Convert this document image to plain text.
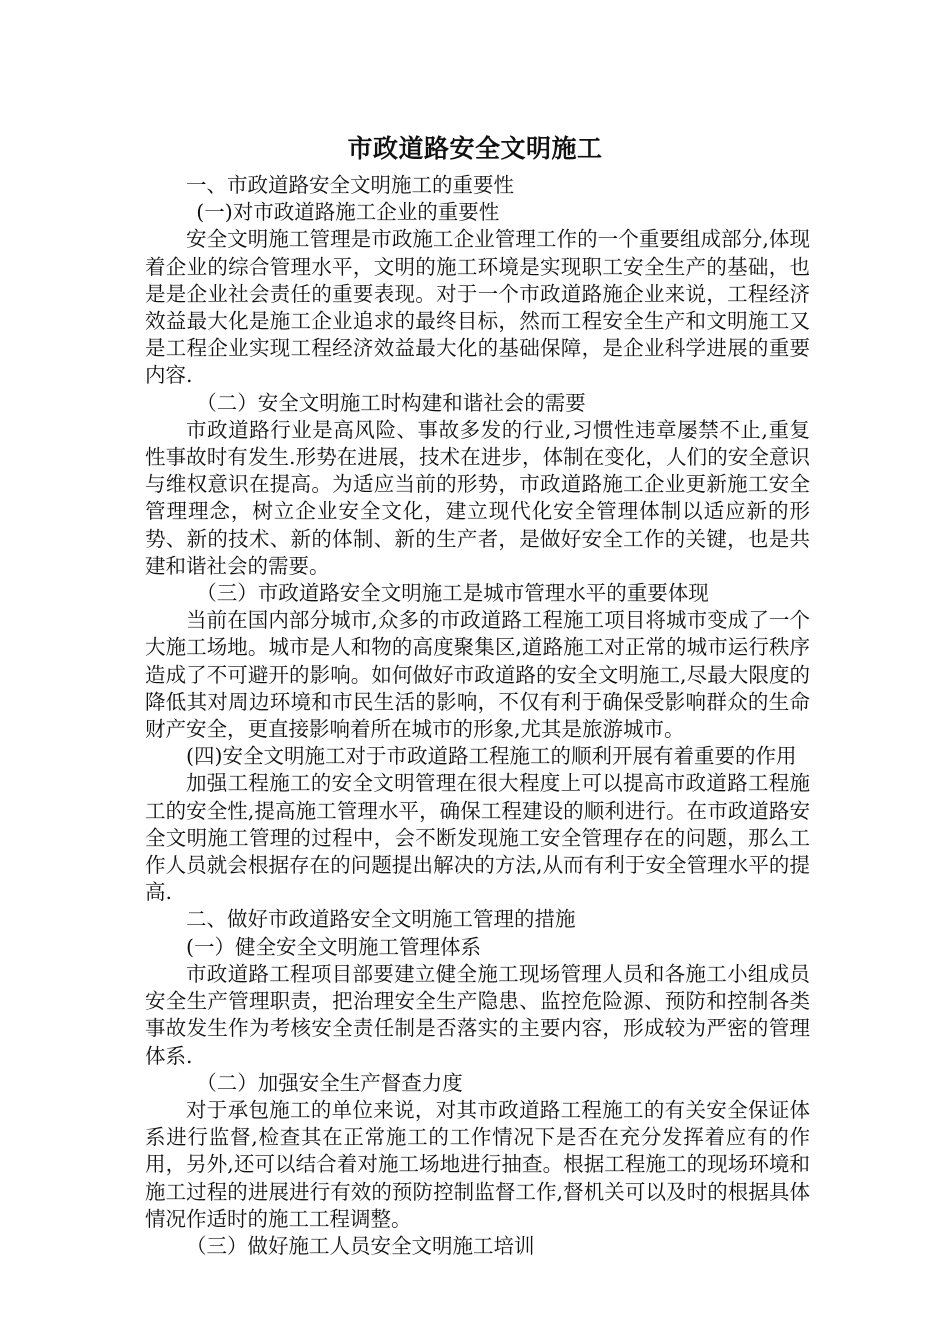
市政道路安全文明施工

一、市政道路安全文明施工的重要性

(一)对市政道路施工企业的重要性

安全文明施工管理是市政施工企业管理工作的一个重要组成部分,体现着企业的综合管理水平，文明的施工环境是实现职工安全生产的基础，也是是企业社会责任的重要表现。对于一个市政道路施企业来说，工程经济效益最大化是施工企业追求的最终目标，然而工程安全生产和文明施工又是工程企业实现工程经济效益最大化的基础保障，是企业科学进展的重要内容.

（二）安全文明施工时构建和谐社会的需要

市政道路行业是高风险、事故多发的行业,习惯性违章屡禁不止,重复性事故时有发生.形势在进展，技术在进步，体制在变化，人们的安全意识与维权意识在提高。为适应当前的形势，市政道路施工企业更新施工安全管理理念，树立企业安全文化，建立现代化安全管理体制以适应新的形势、新的技术、新的体制、新的生产者，是做好安全工作的关键，也是共建和谐社会的需要。

（三）市政道路安全文明施工是城市管理水平的重要体现

当前在国内部分城市,众多的市政道路工程施工项目将城市变成了一个大施工场地。城市是人和物的高度聚集区,道路施工对正常的城市运行秩序造成了不可避开的影响。如何做好市政道路的安全文明施工,尽最大限度的降低其对周边环境和市民生活的影响，不仅有利于确保受影响群众的生命财产安全，更直接影响着所在城市的形象,尤其是旅游城市。

(四)安全文明施工对于市政道路工程施工的顺利开展有着重要的作用

加强工程施工的安全文明管理在很大程度上可以提高市政道路工程施工的安全性,提高施工管理水平，确保工程建设的顺利进行。在市政道路安全文明施工管理的过程中，会不断发现施工安全管理存在的问题，那么工作人员就会根据存在的问题提出解决的方法,从而有利于安全管理水平的提高.

二、做好市政道路安全文明施工管理的措施

(一）健全安全文明施工管理体系

市政道路工程项目部要建立健全施工现场管理人员和各施工小组成员安全生产管理职责，把治理安全生产隐患、监控危险源、预防和控制各类事故发生作为考核安全责任制是否落实的主要内容，形成较为严密的管理体系.

（二）加强安全生产督查力度

对于承包施工的单位来说，对其市政道路工程施工的有关安全保证体系进行监督,检查其在正常施工的工作情况下是否在充分发挥着应有的作用，另外,还可以结合着对施工场地进行抽查。根据工程施工的现场环境和施工过程的进展进行有效的预防控制监督工作,督机关可以及时的根据具体情况作适时的施工工程调整。

（三）做好施工人员安全文明施工培训
